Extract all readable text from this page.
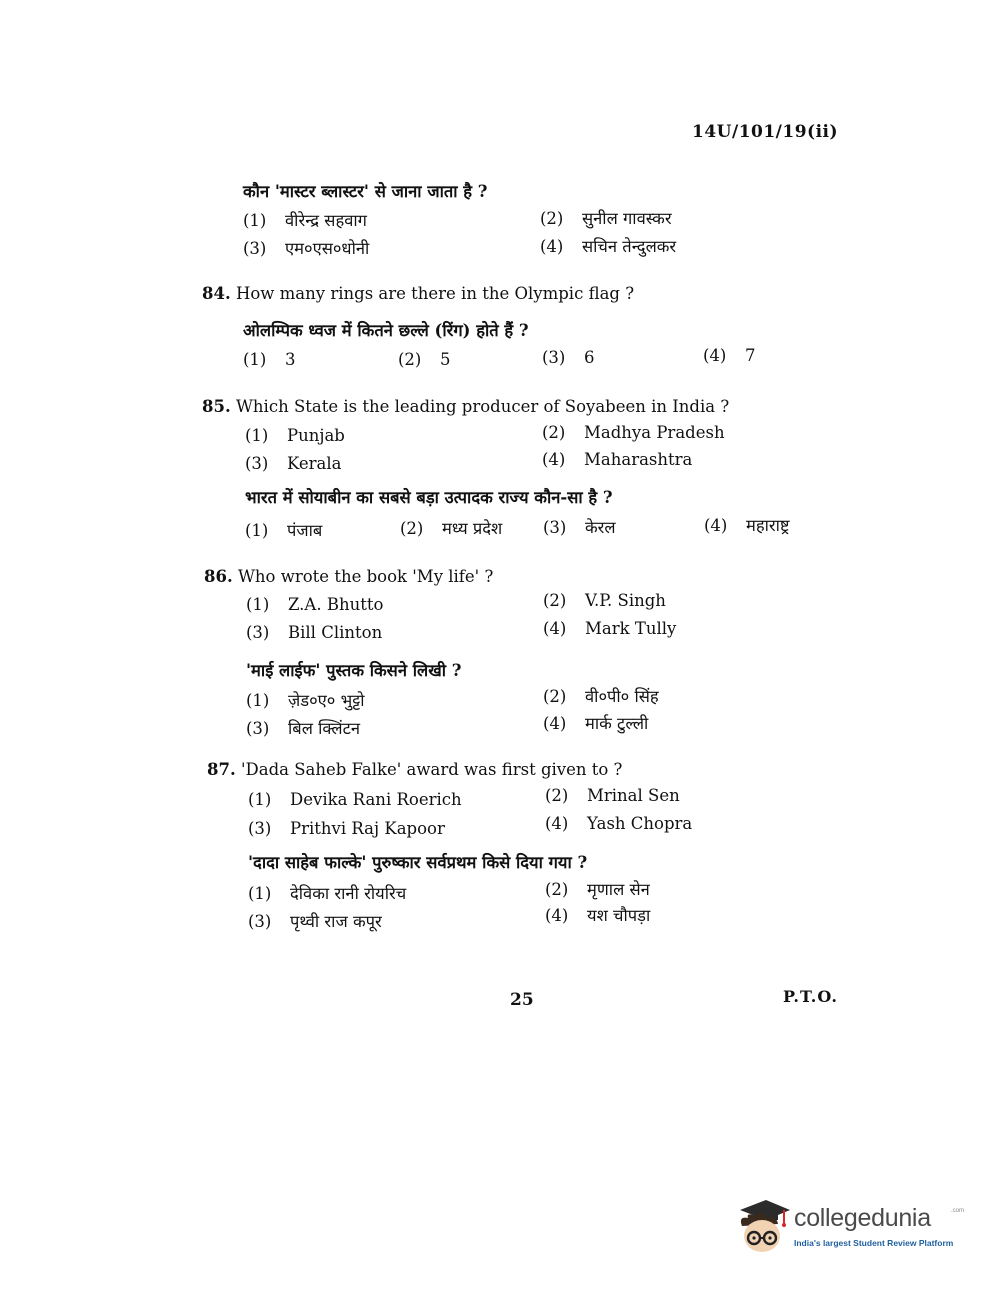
14U/101/19(ii)
कौन 'मास्टर ब्लास्टर' से जाना जाता है ?
(1) वीरेन्द्र सहवाग	(2) सुनील गावस्कर
(3) एम०एस०धोनी	(4) सचिन तेन्दुलकर
84. How many rings are there in the Olympic flag ?
ओलम्पिक ध्वज में कितने छल्ले (रिंग) होते हैं ?
(1) 3	(2) 5	(3) 6	(4) 7
85. Which State is the leading producer of Soyabeen in India ?
(1) Punjab	(2) Madhya Pradesh
(3) Kerala	(4) Maharashtra
भारत में सोयाबीन का सबसे बड़ा उत्पादक राज्य कौन-सा है ?
(1) पंजाब	(2) मध्य प्रदेश (3) केरल	(4) महाराष्ट्र
86. Who wrote the book 'My life' ?
(1) Z.A. Bhutto	(2) V.P. Singh
(3) Bill Clinton	(4) Mark Tully
'माई लाईफ' पुस्तक किसने लिखी ?
(1) ज़ेड०ए० भुट्टो	(2) वी०पी० सिंह
(3) बिल क्लिंटन	(4) मार्क टुल्ली
87. 'Dada Saheb Falke' award was first given to ?
(1) Devika Rani Roerich	(2) Mrinal Sen
(3) Prithvi Raj Kapoor	(4) Yash Chopra
'दादा साहेब फाल्के' पुरुष्कार सर्वप्रथम किसे दिया गया ?
(1) देविका रानी रोयरिच	(2) मृणाल सेन
(3) पृथ्वी राज कपूर	(4) यश चौपड़ा
25	P.T.O.
collegedunia	.com
India's largest Student Review Platform
